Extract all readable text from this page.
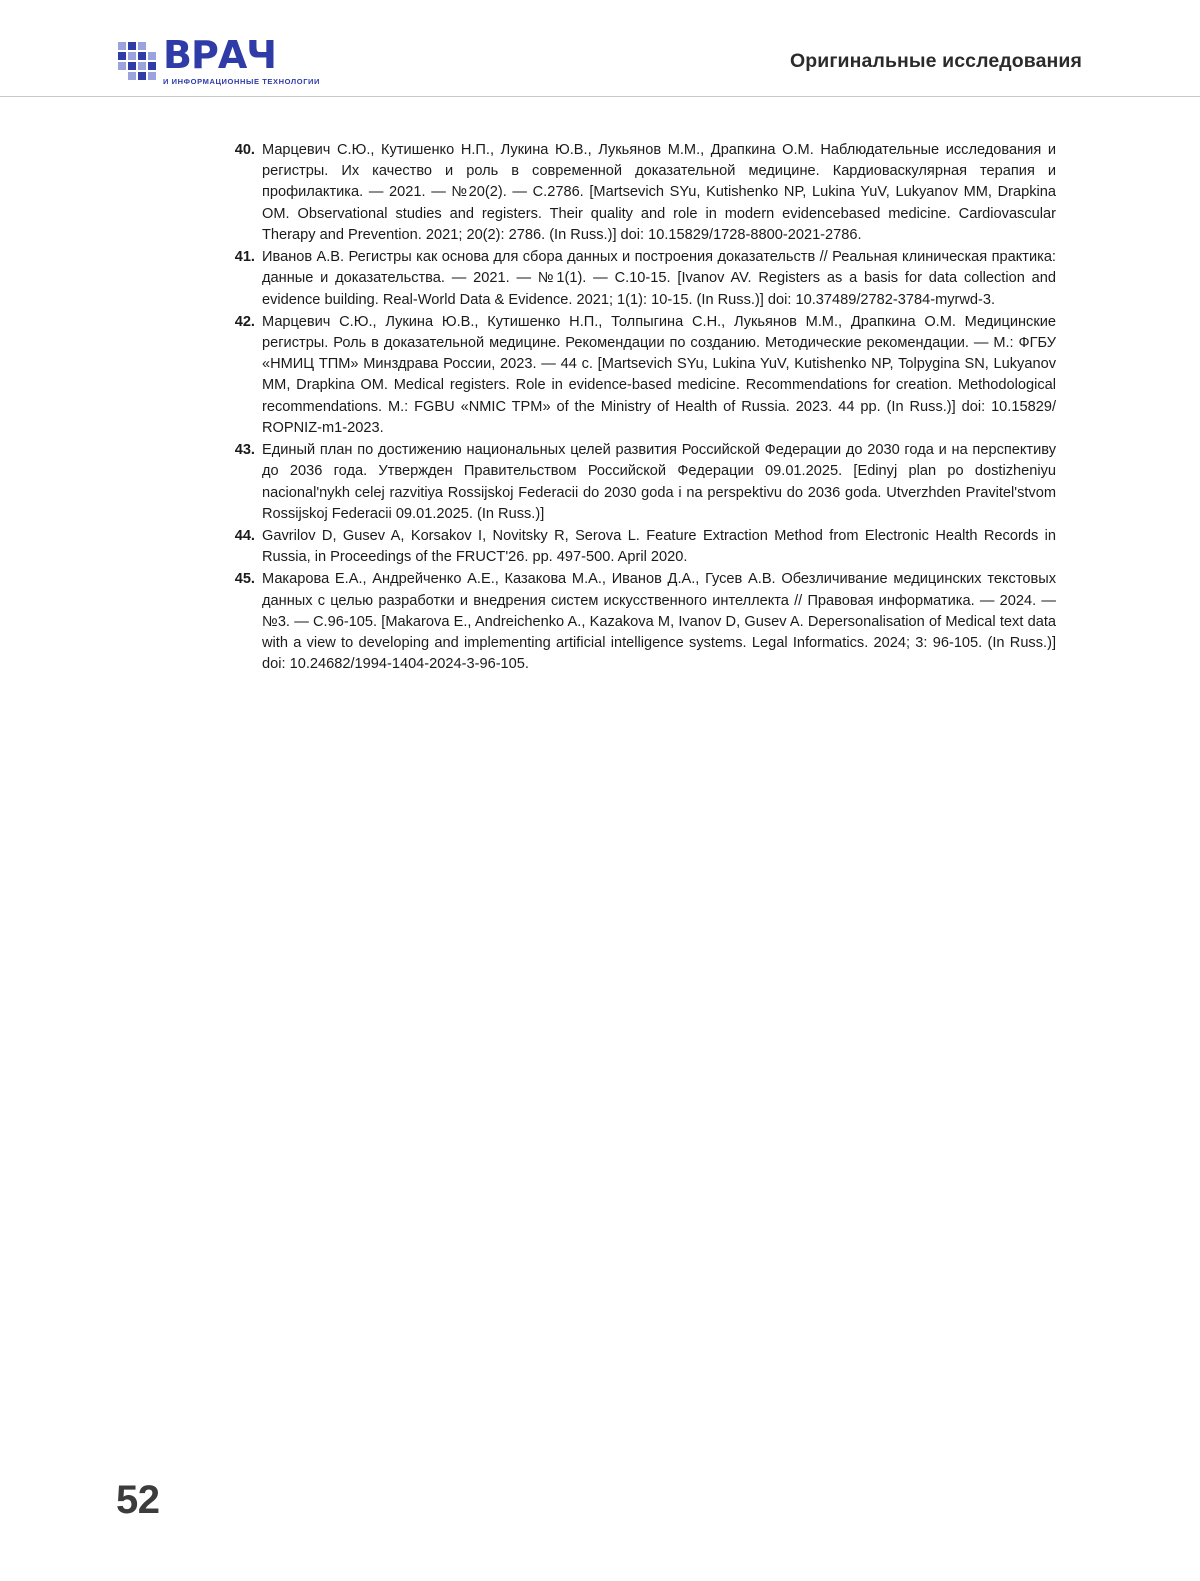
ВРАЧ
И ИНФОРМАЦИОННЫЕ ТЕХНОЛОГИИ
Оригинальные исследования
40. Марцевич С.Ю., Кутишенко Н.П., Лукина Ю.В., Лукьянов М.М., Драпкина О.М. Наблюдательные исследования и регистры. Их качество и роль в современной доказательной медицине. Кардиоваскулярная терапия и профилактика. — 2021. — №20(2). — С.2786. [Martsevich SYu, Kutishenko NP, Lukina YuV, Lukyanov MM, Drapkina OM. Observational studies and registers. Their quality and role in modern evidencebased medicine. Cardiovascular Therapy and Prevention. 2021; 20(2): 2786. (In Russ.)] doi: 10.15829/1728-8800-2021-2786.
41. Иванов А.В. Регистры как основа для сбора данных и построения доказательств // Реальная клиническая практика: данные и доказательства. — 2021. — №1(1). — С.10-15. [Ivanov AV. Registers as a basis for data collection and evidence building. Real-World Data & Evidence. 2021; 1(1): 10-15. (In Russ.)] doi: 10.37489/2782-3784-myrwd-3.
42. Марцевич С.Ю., Лукина Ю.В., Кутишенко Н.П., Толпыгина С.Н., Лукьянов М.М., Драпкина О.М. Медицинские регистры. Роль в доказательной медицине. Рекомендации по созданию. Методические рекомендации. — М.: ФГБУ «НМИЦ ТПМ» Минздрава России, 2023. — 44 с. [Martsevich SYu, Lukina YuV, Kutishenko NP, Tolpygina SN, Lukyanov MM, Drapkina OM. Medical registers. Role in evidence-based medicine. Recommendations for creation. Methodological recommendations. M.: FGBU «NMIC TPM» of the Ministry of Health of Russia. 2023. 44 pp. (In Russ.)] doi: 10.15829/ ROPNIZ-m1-2023.
43. Единый план по достижению национальных целей развития Российской Федерации до 2030 года и на перспективу до 2036 года. Утвержден Правительством Российской Федерации 09.01.2025. [Edinyj plan po dostizheniyu nacional'nykh celej razvitiya Rossijskoj Federacii do 2030 goda i na perspektivu do 2036 goda. Utverzhden Pravitel'stvom Rossijskoj Federacii 09.01.2025. (In Russ.)]
44. Gavrilov D, Gusev A, Korsakov I, Novitsky R, Serova L. Feature Extraction Method from Electronic Health Records in Russia, in Proceedings of the FRUCT'26. pp. 497-500. April 2020.
45. Макарова Е.А., Андрейченко А.Е., Казакова М.А., Иванов Д.А., Гусев А.В. Обезличивание медицинских текстовых данных с целью разработки и внедрения систем искусственного интеллекта // Правовая информатика. — 2024. — №3. — С.96-105. [Makarova E., Andreichenko A., Kazakova M, Ivanov D, Gusev A. Depersonalisation of Medical text data with a view to developing and implementing artificial intelligence systems. Legal Informatics. 2024; 3: 96-105. (In Russ.)] doi: 10.24682/1994-1404-2024-3-96-105.
52
